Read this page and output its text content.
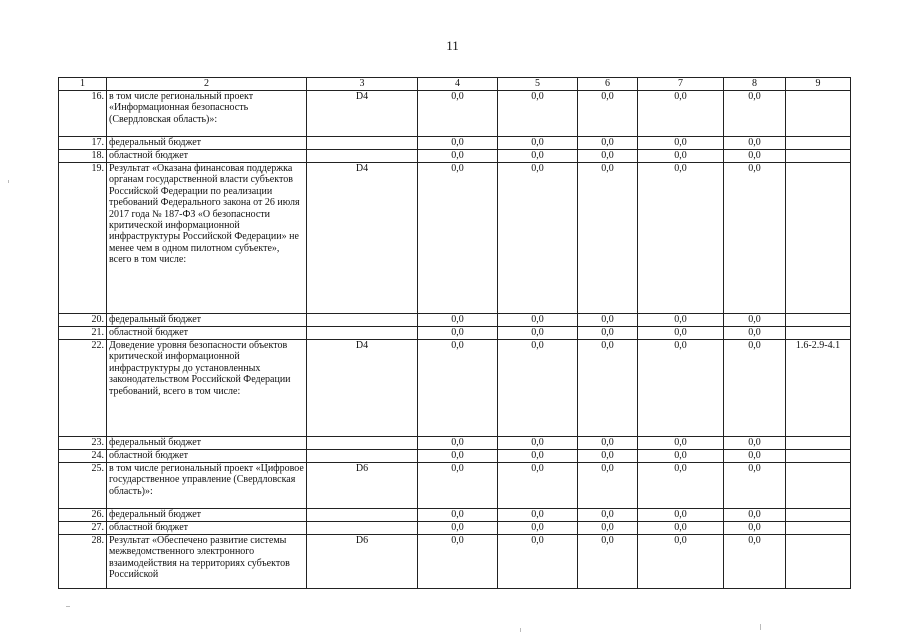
11
1	2	3	4	5	6	7	8	9
16.	в том числе региональный проект «Информационная безопасность (Свердловская область)»:	D4	0,0	0,0	0,0	0,0	0,0	
17.	федеральный бюджет		0,0	0,0	0,0	0,0	0,0	
18.	областной бюджет		0,0	0,0	0,0	0,0	0,0	
19.	Результат «Оказана финансовая поддержка органам государственной власти субъектов Российской Федерации по реализации требований Федерального закона от 26 июля 2017 года № 187-ФЗ «О безопасности критической информационной инфраструктуры Российской Федерации» не менее чем в одном пилотном субъекте», всего в том числе:	D4	0,0	0,0	0,0	0,0	0,0	
20.	федеральный бюджет		0,0	0,0	0,0	0,0	0,0	
21.	областной бюджет		0,0	0,0	0,0	0,0	0,0	
22.	Доведение уровня безопасности объектов критической информационной инфраструктуры до установленных законодательством Российской Федерации требований, всего в том числе:	D4	0,0	0,0	0,0	0,0	0,0	1.6-2.9-4.1
23.	федеральный бюджет		0,0	0,0	0,0	0,0	0,0	
24.	областной бюджет		0,0	0,0	0,0	0,0	0,0	
25.	в том числе региональный проект «Цифровое государственное управление (Свердловская область)»:	D6	0,0	0,0	0,0	0,0	0,0	
26.	федеральный бюджет		0,0	0,0	0,0	0,0	0,0	
27.	областной бюджет		0,0	0,0	0,0	0,0	0,0	
28.	Результат «Обеспечено развитие системы межведомственного электронного взаимодействия на территориях субъектов Российской	D6	0,0	0,0	0,0	0,0	0,0	
